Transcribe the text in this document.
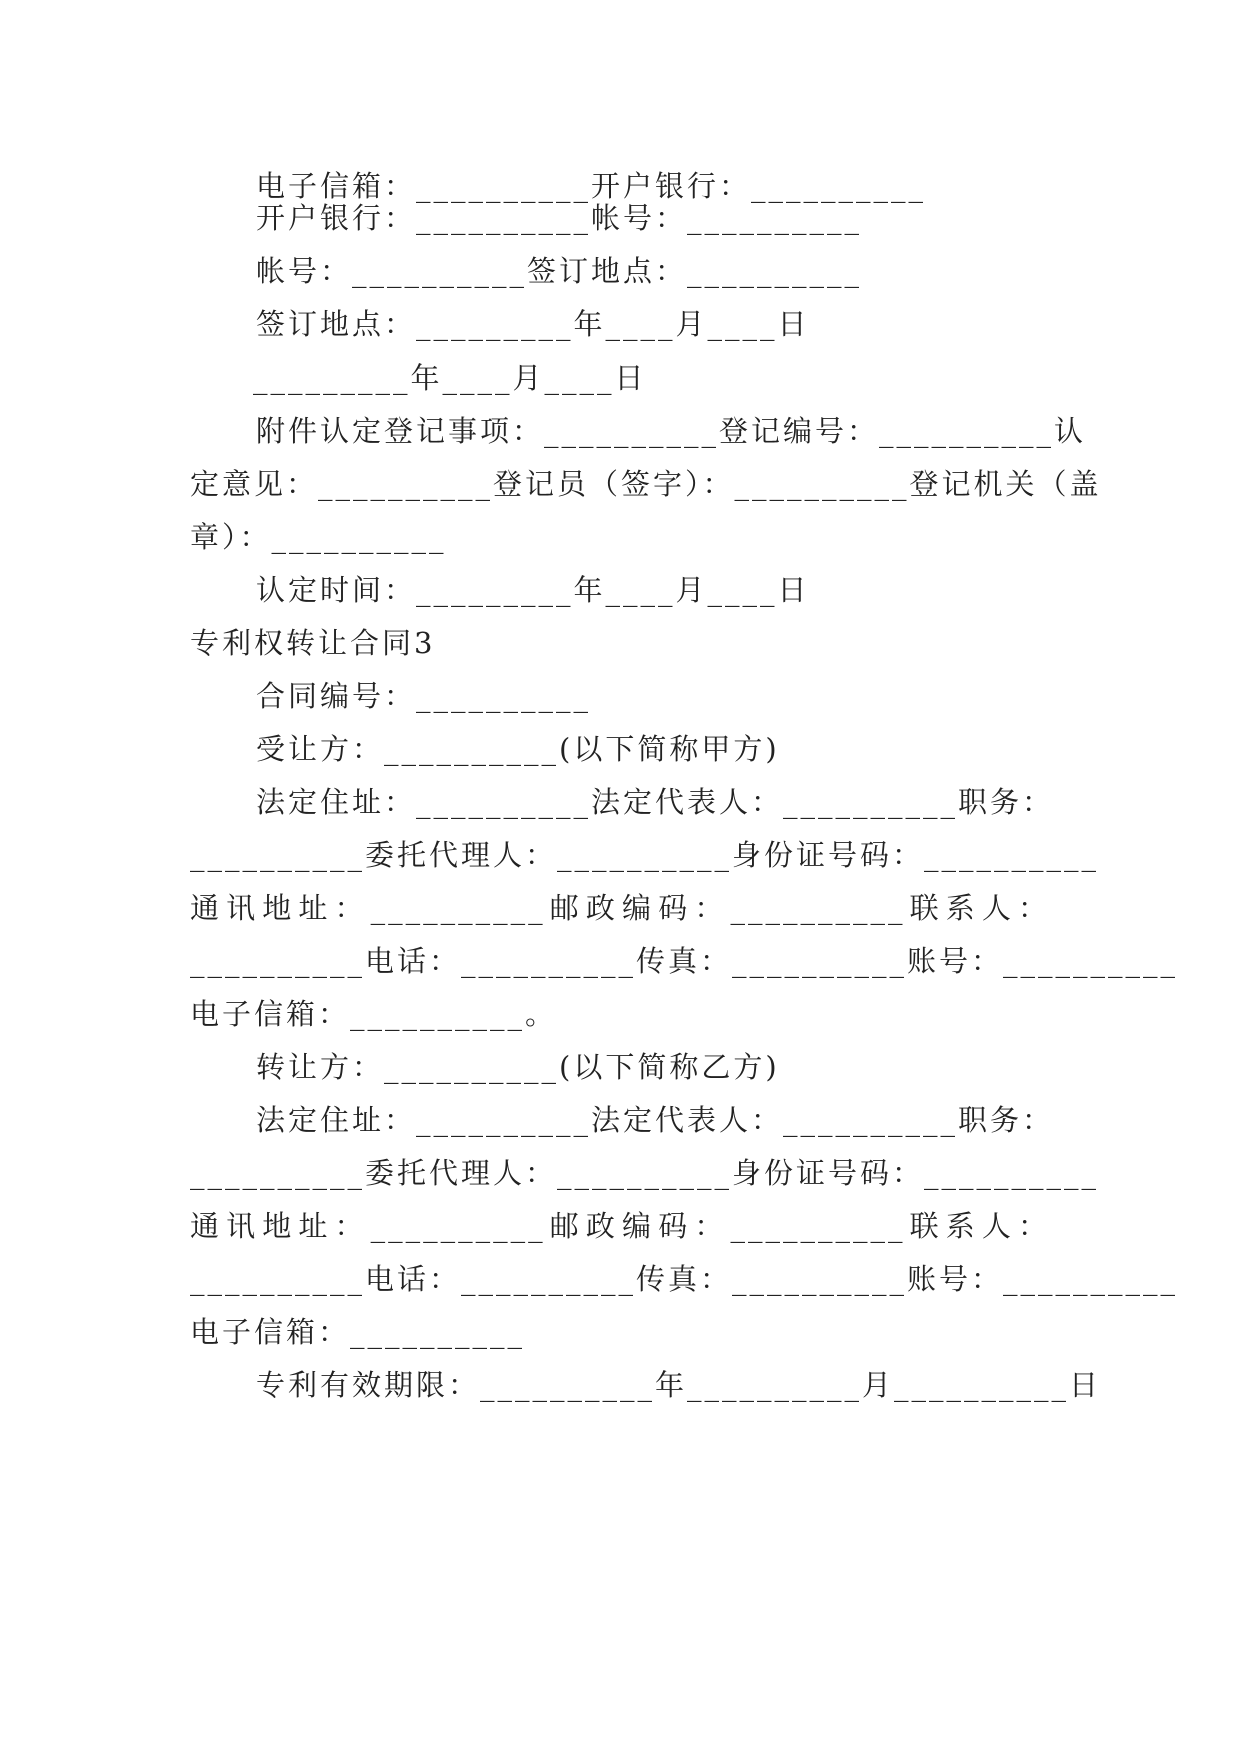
电子信箱：__________开户银行：__________
开户银行：__________帐号：__________
帐号：__________签订地点：__________
签订地点：_________年____月____日
_________年____月____日
附件认定登记事项：__________登记编号：__________认
定意见：__________登记员（签字）：__________登记机关（盖
章）：__________
认定时间：_________年____月____日
专利权转让合同3
合同编号：__________
受让方：__________(以下简称甲方)
法定住址：__________法定代表人：__________职务：
__________委托代理人：__________身份证号码：__________
通讯地址：__________邮政编码：__________联系人：
__________电话：__________传真：__________账号：__________
电子信箱：__________。
转让方：__________(以下简称乙方)
法定住址：__________法定代表人：__________职务：
__________委托代理人：__________身份证号码：__________
通讯地址：__________邮政编码：__________联系人：
__________电话：__________传真：__________账号：__________
电子信箱：__________
专利有效期限：__________年__________月__________日
